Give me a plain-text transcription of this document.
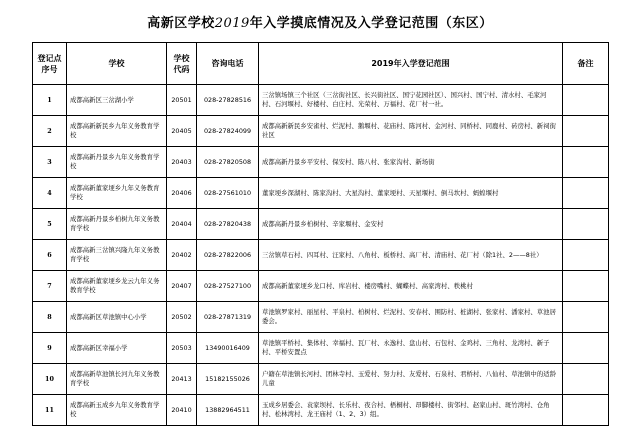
高新区学校2019年入学摸底情况及入学登记范围（东区）
登记点序号	学校	学校代码	咨询电话	2019年入学登记范围	备注
1	成都高新区三岔湖小学	20501	028-27828516	三岔镇场镇三个社区（三岔街社区、长兴街社区、国宁花园社区）、国兴村、国宁村、清水村、毛家河村、石河堰村、好楼村、白庄村、光荣村、万福村、花厂村一社。	
2	成都高新新民乡九年义务教育学校	20405	028-27824099	成都高新新民乡安雀村、烂泥村、鹅堰村、花庙村、陈河村、金河村、同桥村、同鹿村、砖房村、新祠街社区	
3	成都高新丹景乡九年义务教育学校	20403	028-27820508	成都高新丹景乡平安村、保安村、陈八村、张家沟村、新场街	
4	成都高新董家埂乡九年义务教育学校	20406	028-27561010	董家埂乡深湖村、陈家沟村、大星沟村、董家埂村、天星堰村、倒马坎村、蚂蝗堰村	
5	成都高新丹景乡柏树九年义务教育学校	20404	028-27820438	成都高新丹景乡柏树村、辛家堰村、金安村	
6	成都高新三岔镇兴隆九年义务教育学校	20402	028-27822006	三岔镇草石村、四耳村、汪家村、八角村、板桥村、高厂村、清庙村、花厂村（除1社、2——8社）	
7	成都高新董家埂乡龙云九年义务教育学校	20407	028-27527100	成都高新董家埂乡龙口村、库岩村、楼房嘴村、蝴蝶村、高家湾村、秩桃村	
8	成都高新区草池镇中心小学	20502	028-27871319	草池镇罗家村、丽星村、平泉村、柏树村、烂泥村、安春村、围防村、桩湖村、张家村、潘家村、草池居委会。	
9	成都高新区幸福小学	20503	13490016409	草池镇平桥村、集体村、幸福村、瓦厂村、永逸村、盘山村、石包村、金鸡村、三角村、龙湾村、新子村、平桥安置点	
10	成都高新草池镇长河九年义务教育学校	20413	15182155026	户籍在草池镇长河村、团林寺村、玉爱村、努力村、友爱村、石泉村、君桥村、八仙村、草池镇中的适龄儿童	
11	成都高新玉成乡九年义务教育学校	20410	13882964511	玉成乡居委会、袁家坝村、长乐村、夜合村、梧桐村、昂脚楼村、街邻村、赵家山村、斑竹湾村、仓角村、松林湾村、龙王庙村（1、2、3）组。	
